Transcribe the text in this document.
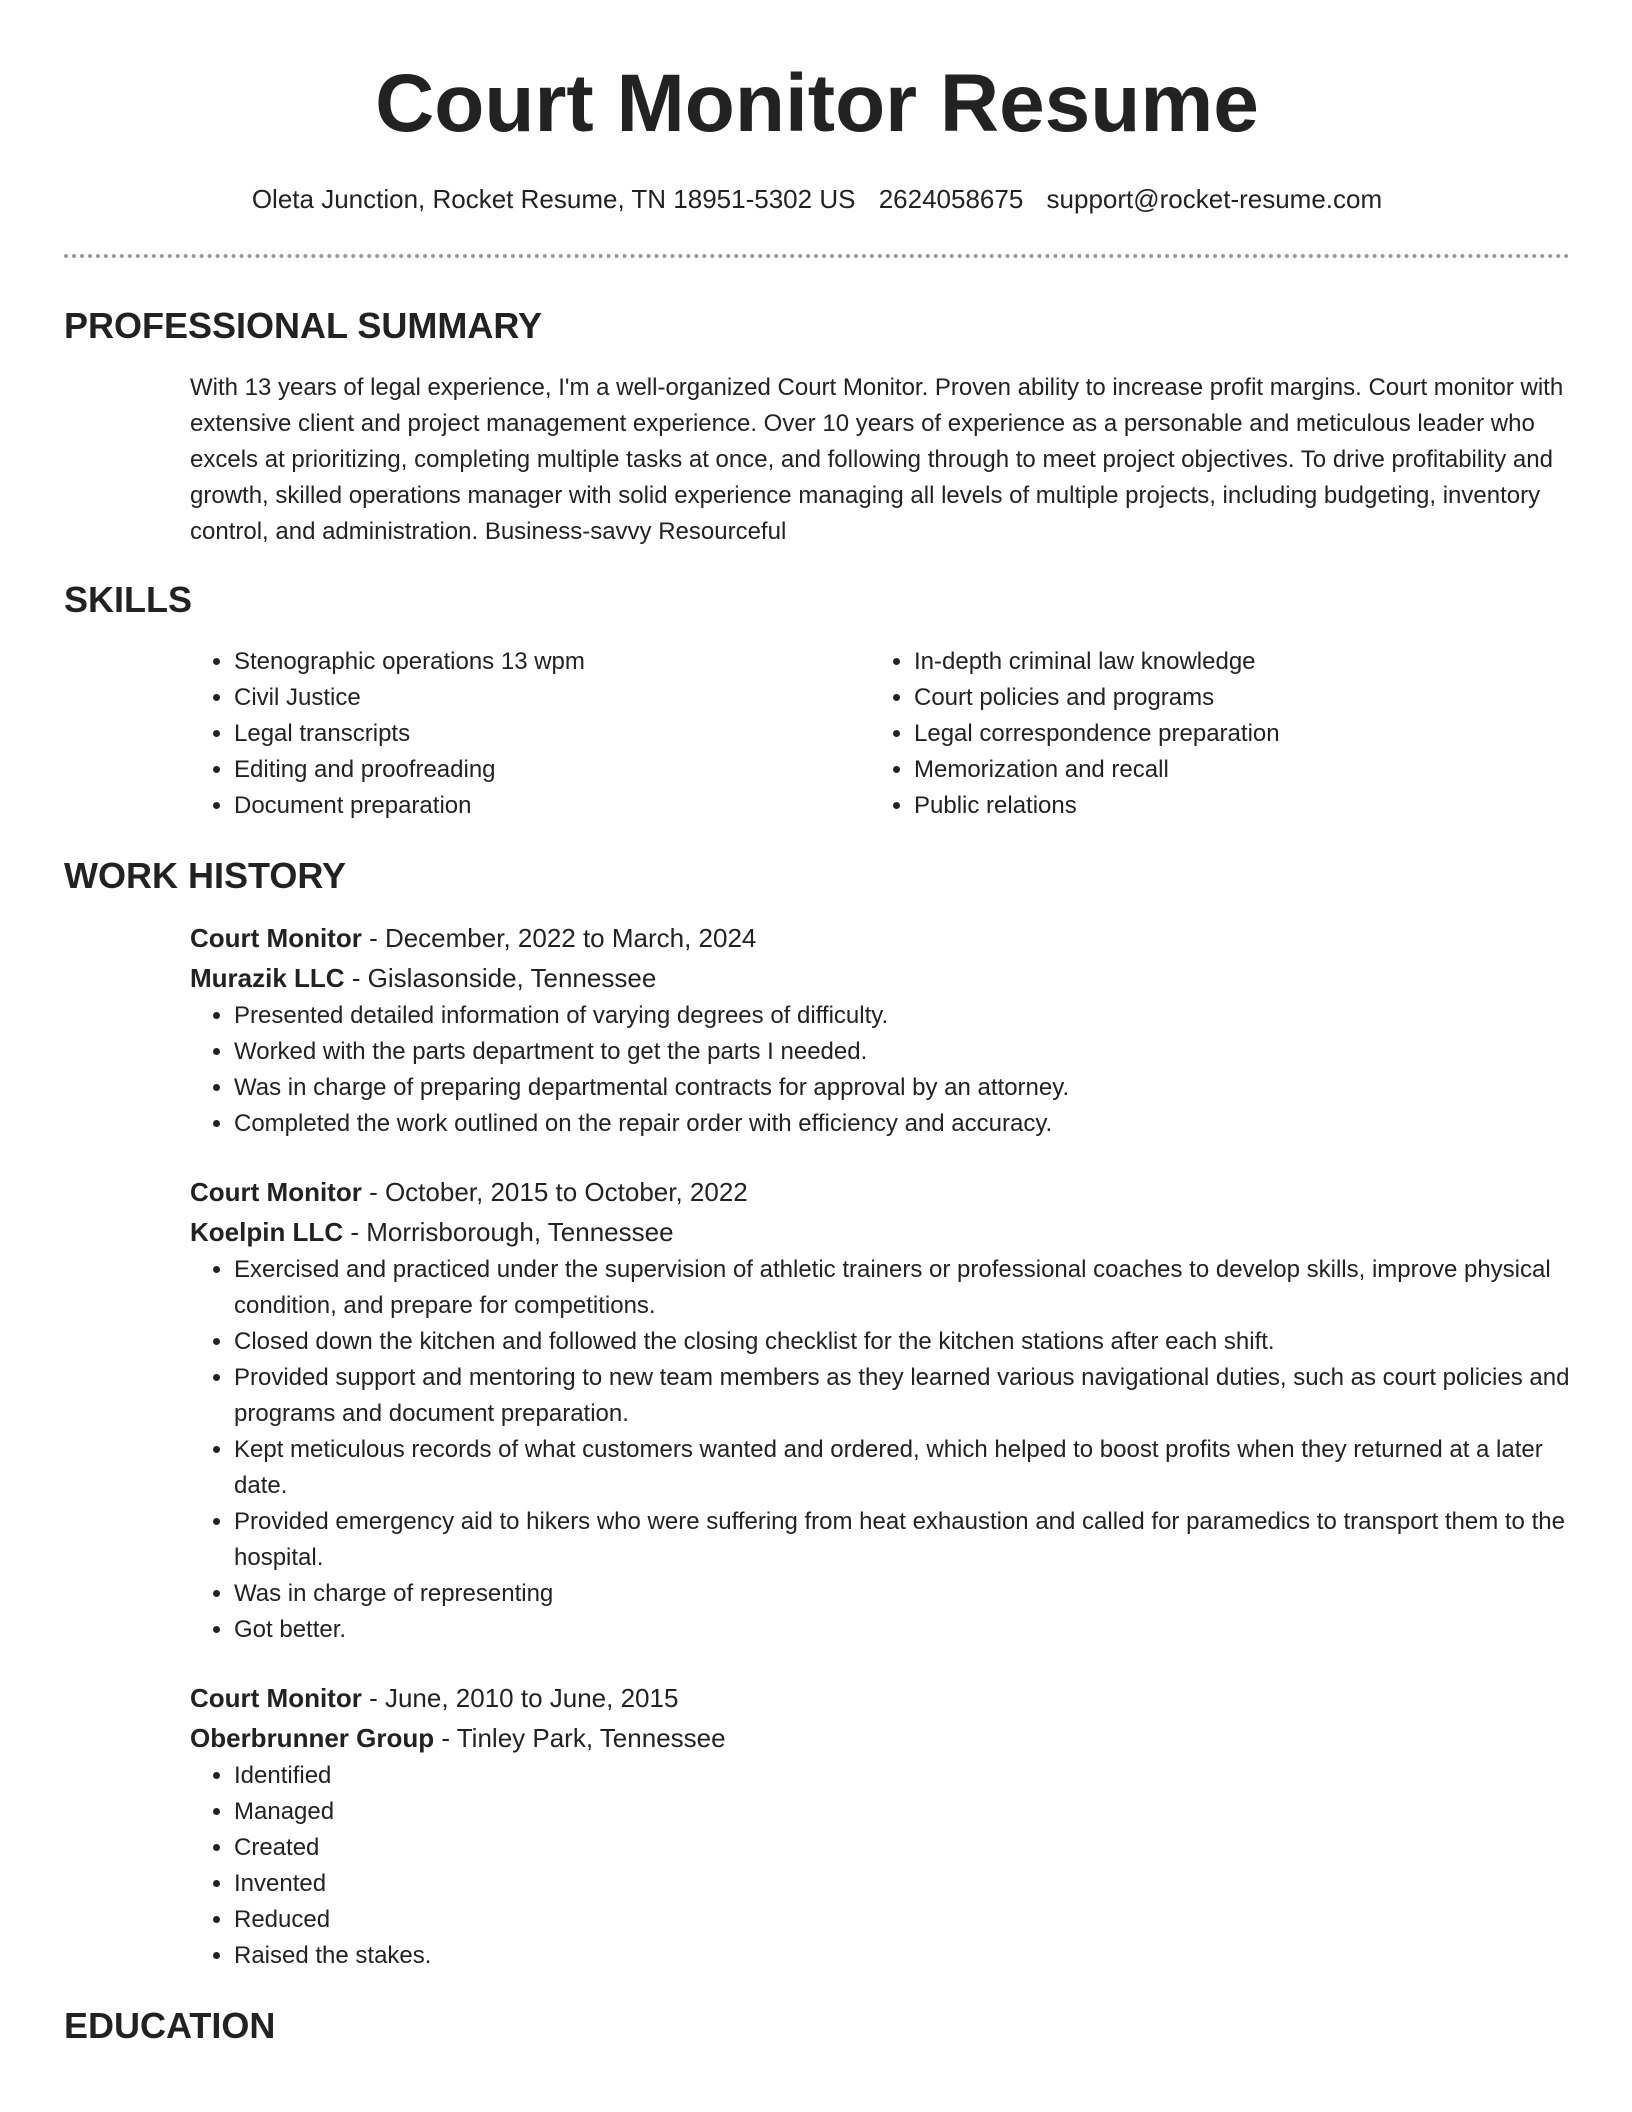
Court Monitor Resume
Oleta Junction, Rocket Resume, TN 18951-5302 US 2624058675 support@rocket-resume.com
PROFESSIONAL SUMMARY
With 13 years of legal experience, I'm a well-organized Court Monitor. Proven ability to increase profit margins. Court monitor with extensive client and project management experience. Over 10 years of experience as a personable and meticulous leader who excels at prioritizing, completing multiple tasks at once, and following through to meet project objectives. To drive profitability and growth, skilled operations manager with solid experience managing all levels of multiple projects, including budgeting, inventory control, and administration. Business-savvy Resourceful
SKILLS
• Stenographic operations 13 wpm
• Civil Justice
• Legal transcripts
• Editing and proofreading
• Document preparation
• In-depth criminal law knowledge
• Court policies and programs
• Legal correspondence preparation
• Memorization and recall
• Public relations
WORK HISTORY
Court Monitor - December, 2022 to March, 2024
Murazik LLC - Gislasonside, Tennessee
• Presented detailed information of varying degrees of difficulty.
• Worked with the parts department to get the parts I needed.
• Was in charge of preparing departmental contracts for approval by an attorney.
• Completed the work outlined on the repair order with efficiency and accuracy.
Court Monitor - October, 2015 to October, 2022
Koelpin LLC - Morrisborough, Tennessee
• Exercised and practiced under the supervision of athletic trainers or professional coaches to develop skills, improve physical condition, and prepare for competitions.
• Closed down the kitchen and followed the closing checklist for the kitchen stations after each shift.
• Provided support and mentoring to new team members as they learned various navigational duties, such as court policies and programs and document preparation.
• Kept meticulous records of what customers wanted and ordered, which helped to boost profits when they returned at a later date.
• Provided emergency aid to hikers who were suffering from heat exhaustion and called for paramedics to transport them to the hospital.
• Was in charge of representing
• Got better.
Court Monitor - June, 2010 to June, 2015
Oberbrunner Group - Tinley Park, Tennessee
• Identified
• Managed
• Created
• Invented
• Reduced
• Raised the stakes.
EDUCATION
